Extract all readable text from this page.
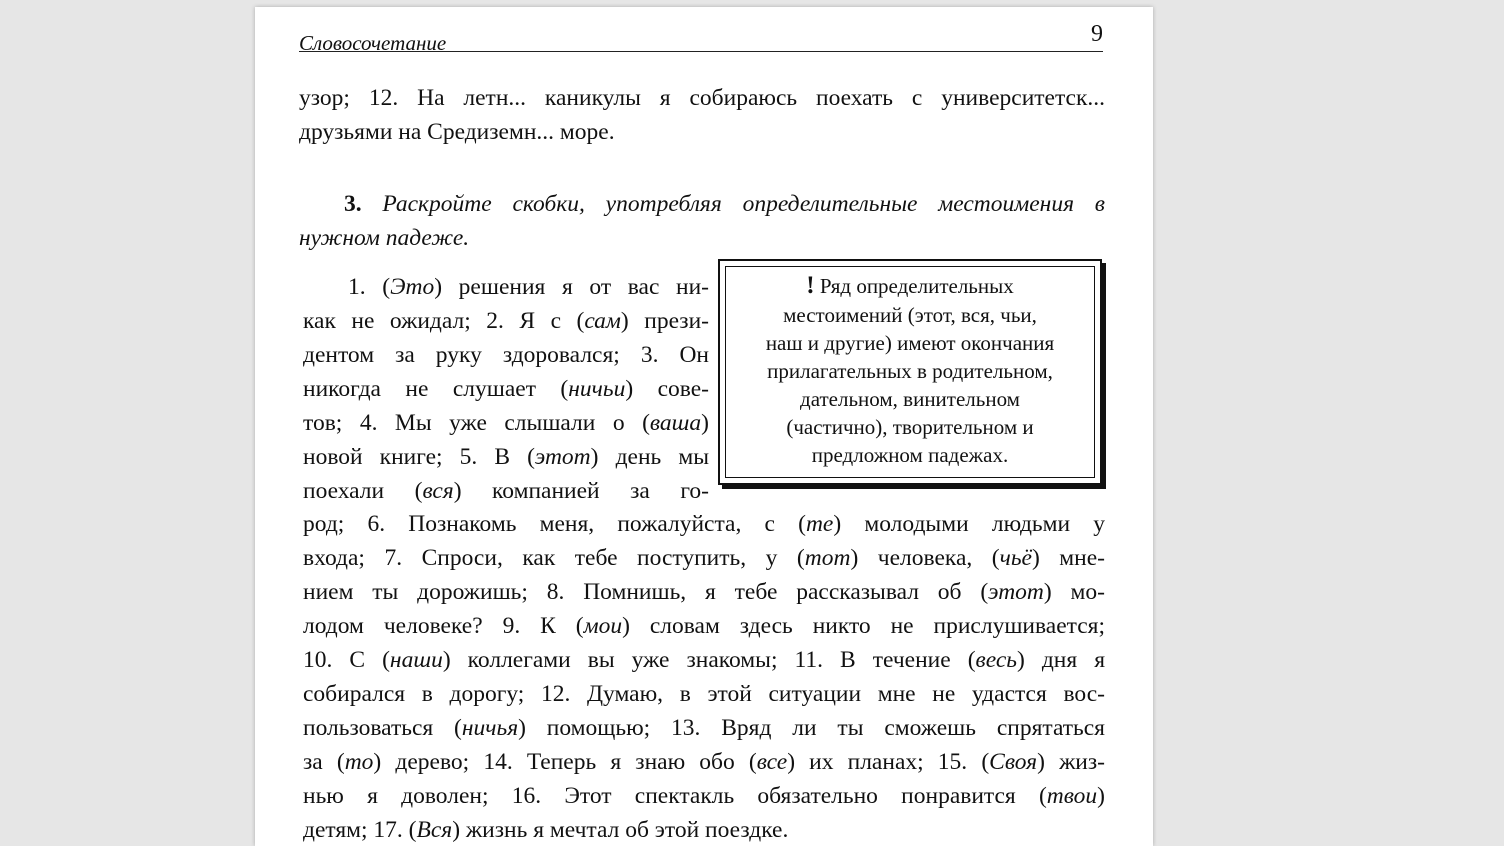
Словосочетание	9
узор; 12. На летн... каникулы я собираюсь поехать с университетск...
друзьями на Средиземн... море.
3. Раскройте скобки, употребляя определительные местоимения в
нужном падеже.
! Ряд определительных
местоимений (этот, вся, чьи,
наш и другие) имеют окончания
прилагательных в родительном,
дательном, винительном
(частично), творительном и
предложном падежах.
1. (Это) решения я от вас ни-
как не ожидал; 2. Я с (сам) прези-
дентом за руку здоровался; 3. Он
никогда не слушает (ничьи) сове-
тов; 4. Мы уже слышали о (ваша)
новой книге; 5. В (этот) день мы
поехали (вся) компанией за го-
род; 6. Познакомь меня, пожалуйста, с (те) молодыми людьми у
входа; 7. Спроси, как тебе поступить, у (тот) человека, (чьё) мне-
нием ты дорожишь; 8. Помнишь, я тебе рассказывал об (этот) мо-
лодом человеке? 9. К (мои) словам здесь никто не прислушивается;
10. С (наши) коллегами вы уже знакомы; 11. В течение (весь) дня я
собирался в дорогу; 12. Думаю, в этой ситуации мне не удастся вос-
пользоваться (ничья) помощью; 13. Вряд ли ты сможешь спрятаться
за (то) дерево; 14. Теперь я знаю обо (все) их планах; 15. (Своя) жиз-
нью я доволен; 16. Этот спектакль обязательно понравится (твои)
детям; 17. (Вся) жизнь я мечтал об этой поездке.
